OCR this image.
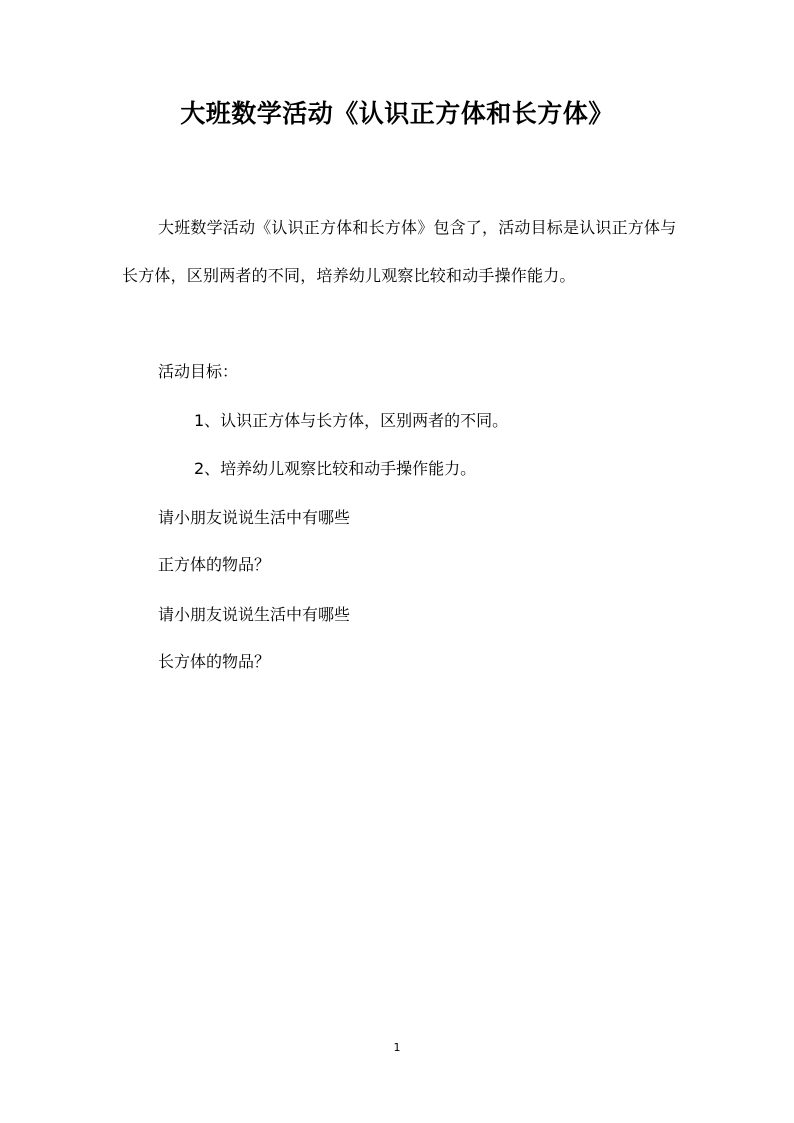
大班数学活动《认识正方体和长方体》

大班数学活动《认识正方体和长方体》包含了，活动目标是认识正方体与长方体，区别两者的不同，培养幼儿观察比较和动手操作能力。

活动目标：

1、认识正方体与长方体，区别两者的不同。

2、培养幼儿观察比较和动手操作能力。

请小朋友说说生活中有哪些

正方体的物品？

请小朋友说说生活中有哪些

长方体的物品？

1
